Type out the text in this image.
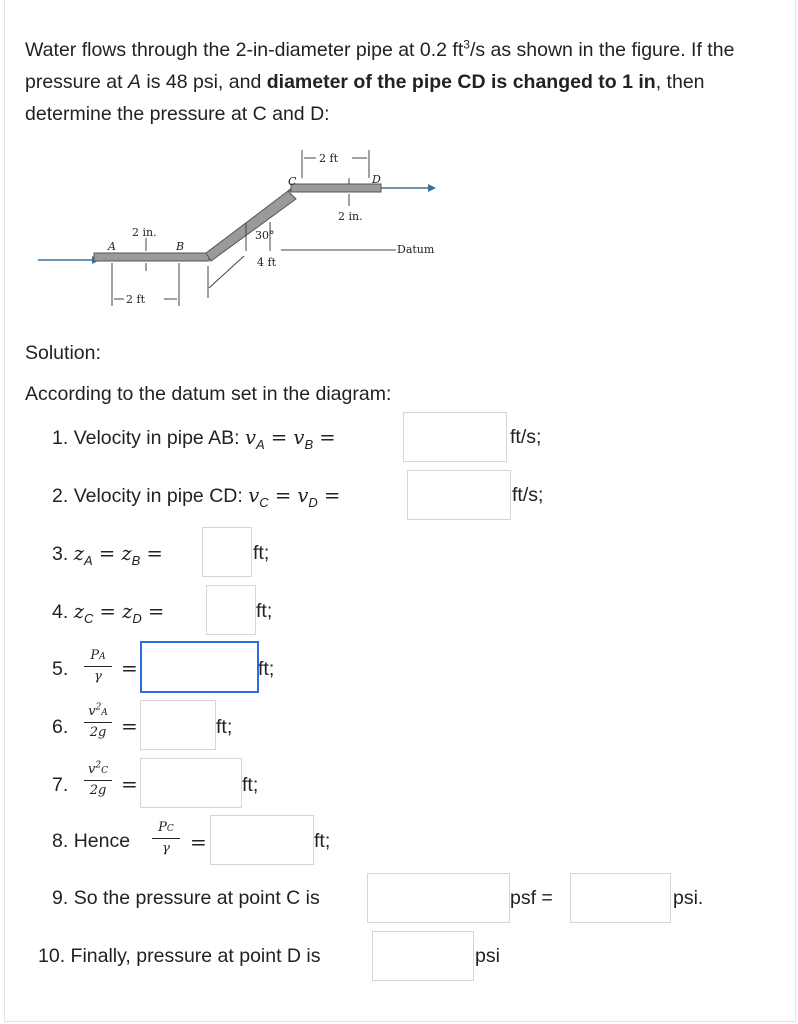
Water flows through the 2-in-diameter pipe at 0.2 $ft^3/s$ as shown in the figure. If the pressure at A is 48 psi, and diameter of the pipe CD is changed to 1 in, then determine the pressure at C and D:
A	B
C	D
2 ft
2 ft
2 in.
2 in.
30°
4 ft
Datum
Solution:
According to the datum set in the diagram:
1. Velocity in pipe AB: $v_A = v_B$ =	ft/s;
2. Velocity in pipe CD: $v_C = v_D$ =	ft/s;
3. $z_A = z_B$ =	ft;
4. $z_C = z_D$ =	ft;
5.
PA
γ =	ft;
6.
$v^2A$
2g =	ft;
7.
$v^2C$
2g =	ft;
8. Hence
PC
γ	=	ft;
9. So the pressure at point C is	psf =	psi.
10. Finally, pressure at point D is	psi
